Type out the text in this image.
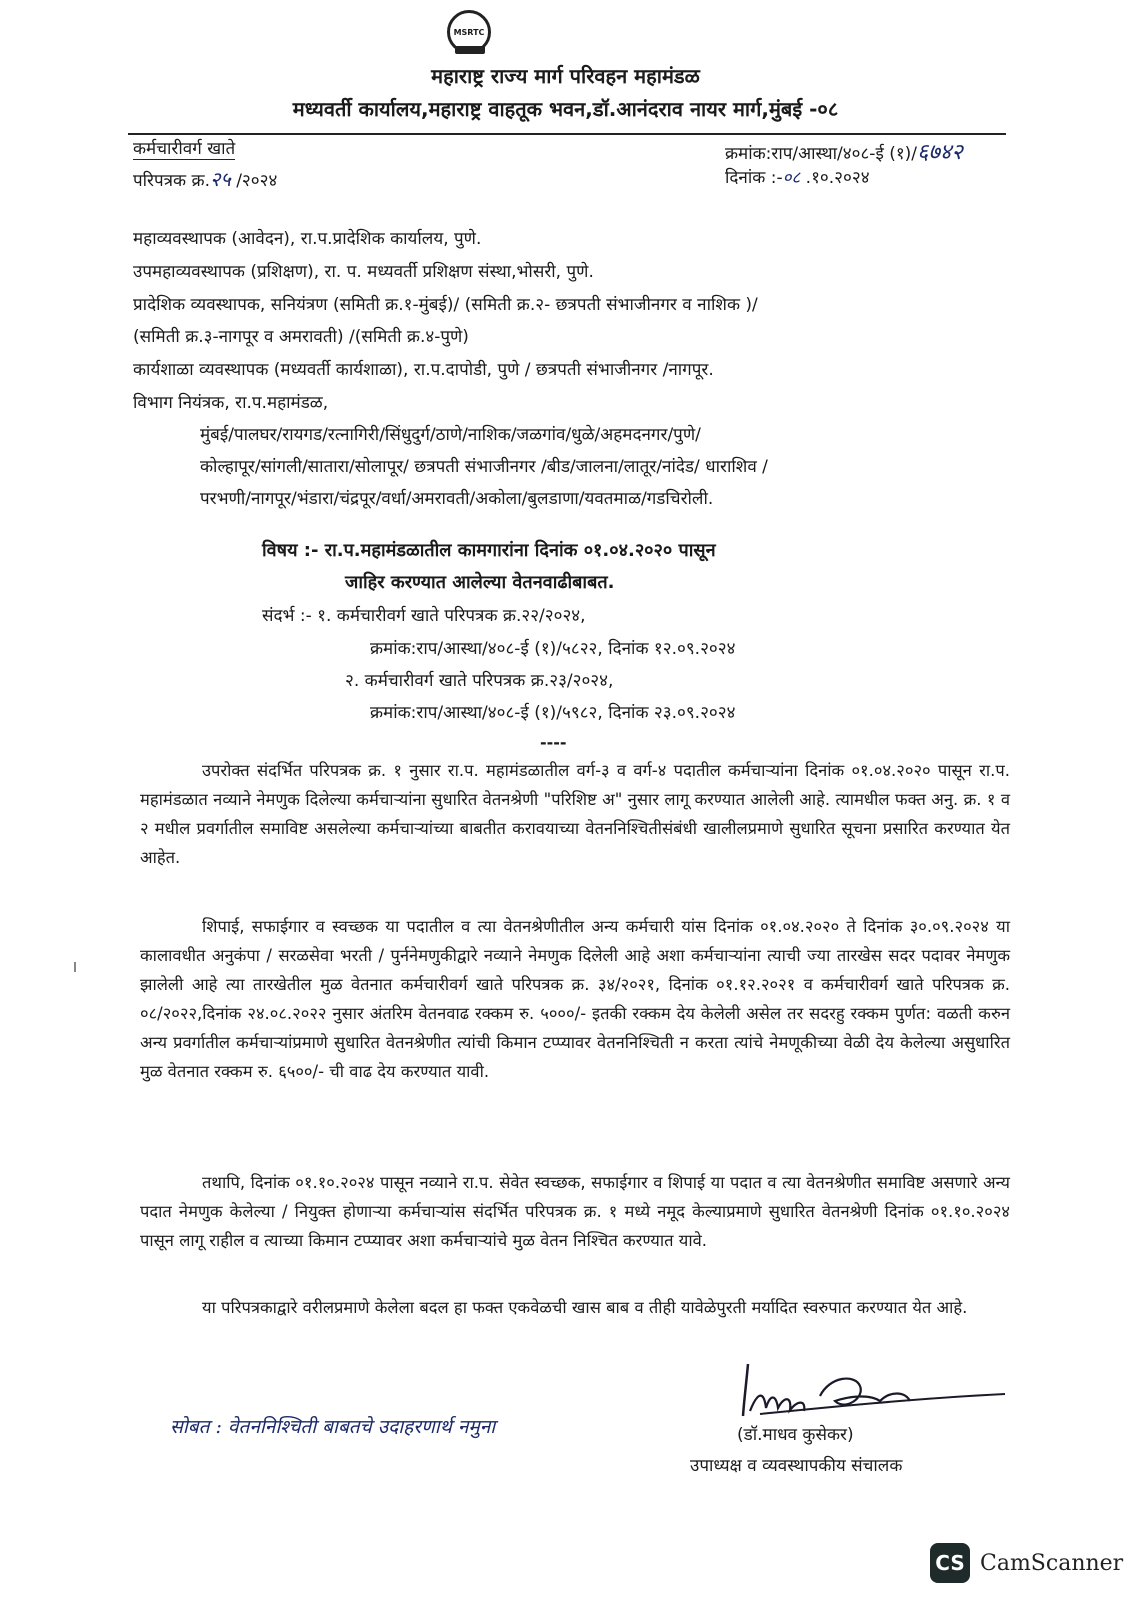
MSRTC
महाराष्ट्र राज्य मार्ग परिवहन महामंडळ
मध्यवर्ती कार्यालय,महाराष्ट्र वाहतूक भवन,डॉ.आनंदराव नायर मार्ग,मुंबई -०८
कर्मचारीवर्ग खाते	क्रमांक:राप/आस्था/४०८-ई (१)/६७४२
परिपत्रक क्र.२५ /२०२४	दिनांक :-०८ .१०.२०२४
महाव्यवस्थापक (आवेदन), रा.प.प्रादेशिक कार्यालय, पुणे.
उपमहाव्यवस्थापक (प्रशिक्षण), रा. प. मध्यवर्ती प्रशिक्षण संस्था,भोसरी, पुणे.
प्रादेशिक व्यवस्थापक, सनियंत्रण (समिती क्र.१-मुंबई)/ (समिती क्र.२- छत्रपती संभाजीनगर व नाशिक )/
(समिती क्र.३-नागपूर व अमरावती) /(समिती क्र.४-पुणे)
कार्यशाळा व्यवस्थापक (मध्यवर्ती कार्यशाळा), रा.प.दापोडी, पुणे / छत्रपती संभाजीनगर /नागपूर.
विभाग नियंत्रक, रा.प.महामंडळ,
मुंबई/पालघर/रायगड/रत्नागिरी/सिंधुदुर्ग/ठाणे/नाशिक/जळगांव/धुळे/अहमदनगर/पुणे/
कोल्हापूर/सांगली/सातारा/सोलापूर/ छत्रपती संभाजीनगर /बीड/जालना/लातूर/नांदेड/ धाराशिव /
परभणी/नागपूर/भंडारा/चंद्रपूर/वर्धा/अमरावती/अकोला/बुलडाणा/यवतमाळ/गडचिरोली.
विषय :- रा.प.महामंडळातील कामगारांना दिनांक ०१.०४.२०२० पासून
जाहिर करण्यात आलेल्या वेतनवाढीबाबत.
संदर्भ :- १. कर्मचारीवर्ग खाते परिपत्रक क्र.२२/२०२४,
क्रमांक:राप/आस्था/४०८-ई (१)/५८२२, दिनांक १२.०९.२०२४
२. कर्मचारीवर्ग खाते परिपत्रक क्र.२३/२०२४,
क्रमांक:राप/आस्था/४०८-ई (१)/५९८२, दिनांक २३.०९.२०२४
----
उपरोक्त संदर्भित परिपत्रक क्र. १ नुसार रा.प. महामंडळातील वर्ग-३ व वर्ग-४ पदातील कर्मचाऱ्यांना दिनांक ०१.०४.२०२० पासून रा.प. महामंडळात नव्याने नेमणुक दिलेल्या कर्मचाऱ्यांना सुधारित वेतनश्रेणी "परिशिष्ट अ" नुसार लागू करण्यात आलेली आहे. त्यामधील फक्त अनु. क्र. १ व २ मधील प्रवर्गातील समाविष्ट असलेल्या कर्मचाऱ्यांच्या बाबतीत करावयाच्या वेतननिश्चितीसंबंधी खालीलप्रमाणे सुधारित सूचना प्रसारित करण्यात येत आहेत.
शिपाई, सफाईगार व स्वच्छक या पदातील व त्या वेतनश्रेणीतील अन्य कर्मचारी यांस दिनांक ०१.०४.२०२० ते दिनांक ३०.०९.२०२४ या कालावधीत अनुकंपा / सरळसेवा भरती / पुर्ननेमणुकीद्वारे नव्याने नेमणुक दिलेली आहे अशा कर्मचाऱ्यांना त्याची ज्या तारखेस सदर पदावर नेमणुक झालेली आहे त्या तारखेतील मुळ वेतनात कर्मचारीवर्ग खाते परिपत्रक क्र. ३४/२०२१, दिनांक ०१.१२.२०२१ व कर्मचारीवर्ग खाते परिपत्रक क्र. ०८/२०२२,दिनांक २४.०८.२०२२ नुसार अंतरिम वेतनवाढ रक्कम रु. ५०००/- इतकी रक्कम देय केलेली असेल तर सदरहु रक्कम पुर्णत: वळती करुन अन्य प्रवर्गातील कर्मचाऱ्यांप्रमाणे सुधारित वेतनश्रेणीत त्यांची किमान टप्प्यावर वेतननिश्चिती न करता त्यांचे नेमणूकीच्या वेळी देय केलेल्या असुधारित मुळ वेतनात रक्कम रु. ६५००/- ची वाढ देय करण्यात यावी.
तथापि, दिनांक ०१.१०.२०२४ पासून नव्याने रा.प. सेवेत स्वच्छक, सफाईगार व शिपाई या पदात व त्या वेतनश्रेणीत समाविष्ट असणारे अन्य पदात नेमणुक केलेल्या / नियुक्त होणाऱ्या कर्मचाऱ्यांस संदर्भित परिपत्रक क्र. १ मध्ये नमूद केल्याप्रमाणे सुधारित वेतनश्रेणी दिनांक ०१.१०.२०२४ पासून लागू राहील व त्याच्या किमान टप्प्यावर अशा कर्मचाऱ्यांचे मुळ वेतन निश्चित करण्यात यावे.
या परिपत्रकाद्वारे वरीलप्रमाणे केलेला बदल हा फक्त एकवेळची खास बाब व तीही यावेळेपुरती मर्यादित स्वरुपात करण्यात येत आहे.
(डॉ.माधव कुसेकर)
उपाध्यक्ष व व्यवस्थापकीय संचालक
सोबत : वेतननिश्चिती बाबतचे उदाहरणार्थ नमुना
CS CamScanner
